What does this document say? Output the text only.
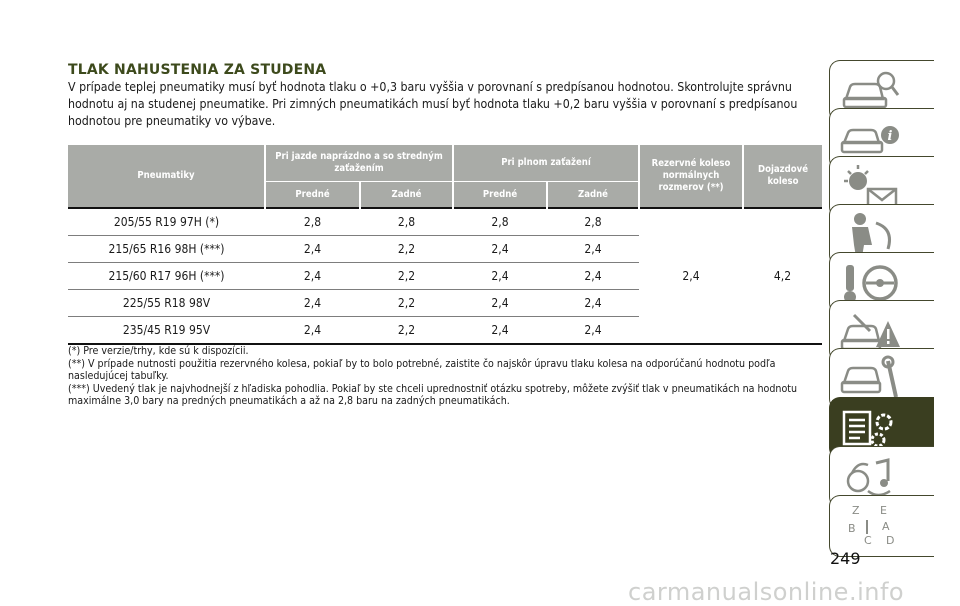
TLAK NAHUSTENIA ZA STUDENA

V prípade teplej pneumatiky musí byť hodnota tlaku o +0,3 baru vyššia v porovnaní s predpísanou hodnotou. Skontrolujte správnu hodnotu aj na studenej pneumatike. Pri zimných pneumatikách musí byť hodnota tlaku +0,2 baru vyššia v porovnaní s predpísanou hodnotou pre pneumatiky vo výbave.

Pneumatiky	Pri jazde naprázdno a so stredným zaťažením		Pri plnom zaťažení		Rezervné koleso normálnych rozmerov (**)	Dojazdové koleso
	Predné	Zadné	Predné	Zadné		
205/55 R19 97H (*)	2,8	2,8	2,8	2,8	2,4	4,2
215/65 R16 98H (***)	2,4	2,2	2,4	2,4		
215/60 R17 96H (***)	2,4	2,2	2,4	2,4		
225/55 R18 98V	2,4	2,2	2,4	2,4		
235/45 R19 95V	2,4	2,2	2,4	2,4		

(*) Pre verzie/trhy, kde sú k dispozícii.

(**) V prípade nutnosti použitia rezervného kolesa, pokiaľ by to bolo potrebné, zaistite čo najskôr úpravu tlaku kolesa na odporúčanú hodnotu podľa nasledujúcej tabuľky.

(***) Uvedený tlak je najvhodnejší z hľadiska pohodlia. Pokiaľ by ste chceli uprednostniť otázku spotreby, môžete zvýšiť tlak v pneumatikách na hodnotu maximálne 3,0 bary na predných pneumatikách a až na 2,8 baru na zadných pneumatikách.

i
Z E
B A
C D
249
carmanualsonline.info
